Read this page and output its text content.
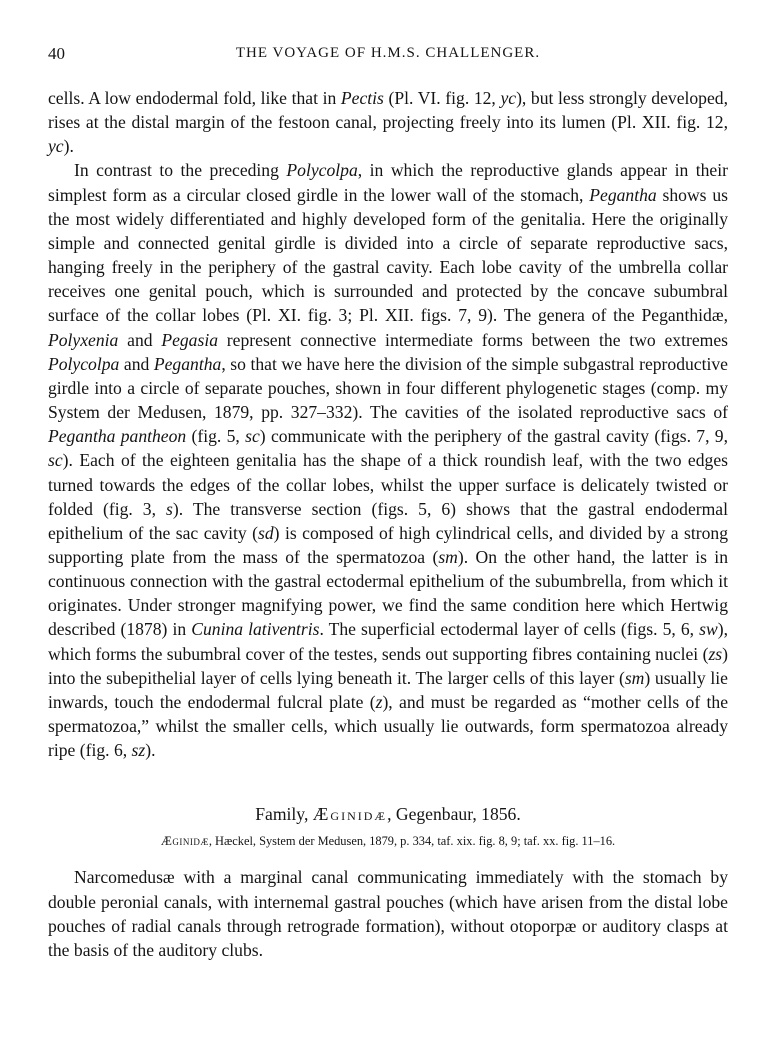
40	THE VOYAGE OF H.M.S. CHALLENGER.

cells. A low endodermal fold, like that in Pectis (Pl. VI. fig. 12, yc), but less strongly developed, rises at the distal margin of the festoon canal, projecting freely into its lumen (Pl. XII. fig. 12, yc).

In contrast to the preceding Polycolpa, in which the reproductive glands appear in their simplest form as a circular closed girdle in the lower wall of the stomach, Pegantha shows us the most widely differentiated and highly developed form of the genitalia. Here the originally simple and connected genital girdle is divided into a circle of separate reproductive sacs, hanging freely in the periphery of the gastral cavity. Each lobe cavity of the umbrella collar receives one genital pouch, which is surrounded and protected by the concave subumbral surface of the collar lobes (Pl. XI. fig. 3; Pl. XII. figs. 7, 9). The genera of the Peganthidæ, Polyxenia and Pegasia represent connective intermediate forms between the two extremes Polycolpa and Pegantha, so that we have here the division of the simple subgastral reproductive girdle into a circle of separate pouches, shown in four different phylogenetic stages (comp. my System der Medusen, 1879, pp. 327–332). The cavities of the isolated reproductive sacs of Pegantha pantheon (fig. 5, sc) communicate with the periphery of the gastral cavity (figs. 7, 9, sc). Each of the eighteen genitalia has the shape of a thick roundish leaf, with the two edges turned towards the edges of the collar lobes, whilst the upper surface is delicately twisted or folded (fig. 3, s). The transverse section (figs. 5, 6) shows that the gastral endodermal epithelium of the sac cavity (sd) is composed of high cylindrical cells, and divided by a strong supporting plate from the mass of the spermatozoa (sm). On the other hand, the latter is in continuous connection with the gastral ectodermal epithelium of the subumbrella, from which it originates. Under stronger magnifying power, we find the same condition here which Hertwig described (1878) in Cunina lativentris. The superficial ectodermal layer of cells (figs. 5, 6, sw), which forms the subumbral cover of the testes, sends out supporting fibres containing nuclei (zs) into the subepithelial layer of cells lying beneath it. The larger cells of this layer (sm) usually lie inwards, touch the endodermal fulcral plate (z), and must be regarded as “mother cells of the spermatozoa,” whilst the smaller cells, which usually lie outwards, form spermatozoa already ripe (fig. 6, sz).

Family, Æginidæ, Gegenbaur, 1856.

Æginidæ, Hæckel, System der Medusen, 1879, p. 334, taf. xix. fig. 8, 9; taf. xx. fig. 11–16.

Narcomedusæ with a marginal canal communicating immediately with the stomach by double peronial canals, with internemal gastral pouches (which have arisen from the distal lobe pouches of radial canals through retrograde formation), without otoporpæ or auditory clasps at the basis of the auditory clubs.
